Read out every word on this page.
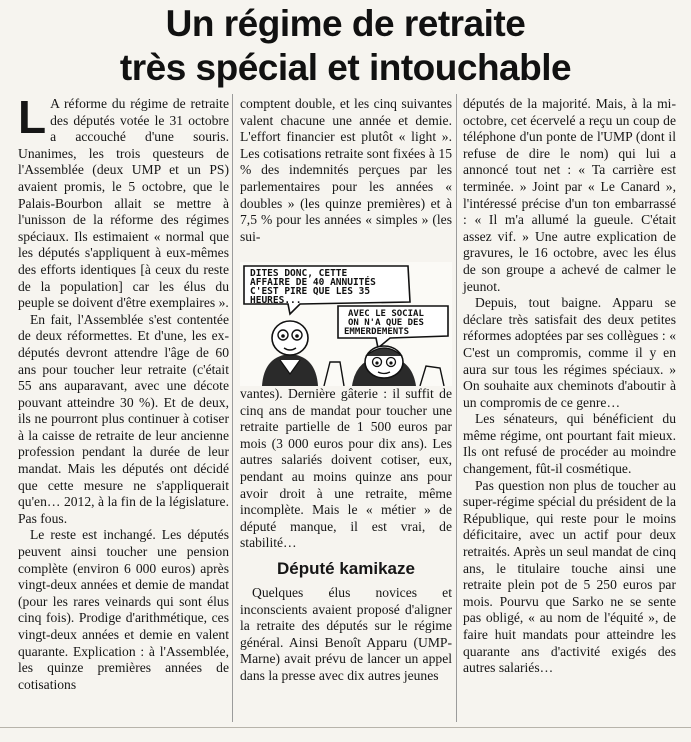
Un régime de retraite
très spécial et intouchable

L A réforme du régime de retraite des députés votée le 31 octobre a accouché d'une souris. Unanimes, les trois questeurs de l'Assemblée (deux UMP et un PS) avaient promis, le 5 octobre, que le Palais-Bourbon allait se mettre à l'unisson de la réforme des régimes spéciaux. Ils estimaient « normal que les députés s'appliquent à eux-mêmes des efforts identiques [à ceux du reste de la population] car les élus du peuple se doivent d'être exemplaires ».

En fait, l'Assemblée s'est contentée de deux réformettes. Et d'une, les ex-députés devront attendre l'âge de 60 ans pour toucher leur retraite (c'était 55 ans auparavant, avec une décote pouvant atteindre 30 %). Et de deux, ils ne pourront plus continuer à cotiser à la caisse de retraite de leur ancienne profession pendant la durée de leur mandat. Mais les députés ont décidé que cette mesure ne s'appliquerait qu'en… 2012, à la fin de la législature. Pas fous.

Le reste est inchangé. Les députés peuvent ainsi toucher une pension complète (environ 6 000 euros) après vingt-deux années et demie de mandat (pour les rares veinards qui sont élus cinq fois). Prodige d'arithmétique, ces vingt-deux années et demie en valent quarante. Explication : à l'Assemblée, les quinze premières années de cotisations

comptent double, et les cinq suivantes valent chacune une année et demie. L'effort financier est plutôt « light ». Les cotisations retraite sont fixées à 15 % des indemnités perçues par les parlementaires pour les années « doubles » (les quinze premières) et à 7,5 % pour les années « simples » (les sui-

DITES DONC, CETTE
AFFAIRE DE 40 ANNUITÉS
C'EST PIRE QUE LES 35
HEURES...
AVEC LE SOCIAL
ON N'A QUE DES
EMMERDEMENTS

vantes). Dernière gâterie : il suffit de cinq ans de mandat pour toucher une retraite partielle de 1 500 euros par mois (3 000 euros pour dix ans). Les autres salariés doivent cotiser, eux, pendant au moins quinze ans pour avoir droit à une retraite, même incomplète. Mais le « métier » de député manque, il est vrai, de stabilité…

Député kamikaze

Quelques élus novices et inconscients avaient proposé d'aligner la retraite des députés sur le régime général. Ainsi Benoît Apparu (UMP-Marne) avait prévu de lancer un appel dans la presse avec dix autres jeunes

députés de la majorité. Mais, à la mi-octobre, cet écervelé a reçu un coup de téléphone d'un ponte de l'UMP (dont il refuse de dire le nom) qui lui a annoncé tout net : « Ta carrière est terminée. » Joint par « Le Canard », l'intéressé précise d'un ton embarrassé : « Il m'a allumé la gueule. C'était assez vif. » Une autre explication de gravures, le 16 octobre, avec les élus de son groupe a achevé de calmer le jeunot.

Depuis, tout baigne. Apparu se déclare très satisfait des deux petites réformes adoptées par ses collègues : « C'est un compromis, comme il y en aura sur tous les régimes spéciaux. » On souhaite aux cheminots d'aboutir à un compromis de ce genre…

Les sénateurs, qui bénéficient du même régime, ont pourtant fait mieux. Ils ont refusé de procéder au moindre changement, fût-il cosmétique.

Pas question non plus de toucher au super-régime spécial du président de la République, qui reste pour le moins déficitaire, avec un actif pour deux retraités. Après un seul mandat de cinq ans, le titulaire touche ainsi une retraite plein pot de 5 250 euros par mois. Pourvu que Sarko ne se sente pas obligé, « au nom de l'équité », de faire huit mandats pour atteindre les quarante ans d'activité exigés des autres salariés…
